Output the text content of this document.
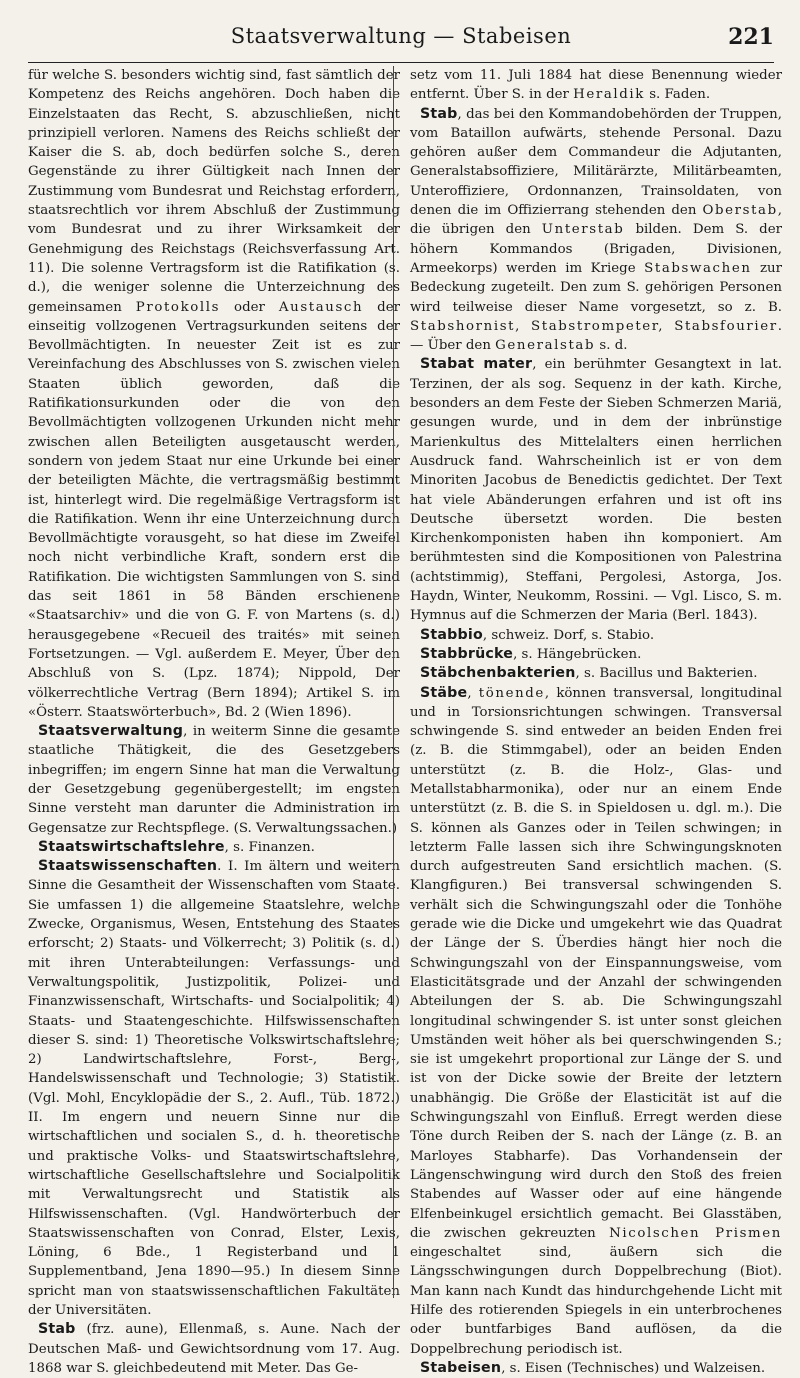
Staatsverwaltung — Stabeisen	221

für welche S. besonders wichtig sind, fast sämtlich der Kompetenz des Reichs angehören. Doch haben die Einzelstaaten das Recht, S. abzuschließen, nicht prinzipiell verloren. Namens des Reichs schließt der Kaiser die S. ab, doch bedürfen solche S., deren Gegenstände zu ihrer Gültigkeit nach Innen der Zustimmung vom Bundesrat und Reichstag erfordern, staatsrechtlich vor ihrem Abschluß der Zustimmung vom Bundesrat und zu ihrer Wirksamkeit der Genehmigung des Reichstags (Reichsverfassung Art. 11). Die solenne Vertragsform ist die Ratifikation (s. d.), die weniger solenne die Unterzeichnung des gemeinsamen Protokolls oder Austausch der einseitig vollzogenen Vertragsurkunden seitens der Bevollmächtigten. In neuester Zeit ist es zur Vereinfachung des Abschlusses von S. zwischen vielen Staaten üblich geworden, daß die Ratifikationsurkunden oder die von den Bevollmächtigten vollzogenen Urkunden nicht mehr zwischen allen Beteiligten ausgetauscht werden, sondern von jedem Staat nur eine Urkunde bei einer der beteiligten Mächte, die vertragsmäßig bestimmt ist, hinterlegt wird. Die regelmäßige Vertragsform ist die Ratifikation. Wenn ihr eine Unterzeichnung durch Bevollmächtigte vorausgeht, so hat diese im Zweifel noch nicht verbindliche Kraft, sondern erst die Ratifikation. Die wichtigsten Sammlungen von S. sind das seit 1861 in 58 Bänden erschienene «Staatsarchiv» und die von G. F. von Martens (s. d.) herausgegebene «Recueil des traités» mit seinen Fortsetzungen. — Vgl. außerdem E. Meyer, Über den Abschluß von S. (Lpz. 1874); Nippold, Der völkerrechtliche Vertrag (Bern 1894); Artikel S. im «Österr. Staatswörterbuch», Bd. 2 (Wien 1896).

Staatsverwaltung, in weiterm Sinne die gesamte staatliche Thätigkeit, die des Gesetzgebers inbegriffen; im engern Sinne hat man die Verwaltung der Gesetzgebung gegenübergestellt; im engsten Sinne versteht man darunter die Administration im Gegensatze zur Rechtspflege. (S. Verwaltungssachen.)

Staatswirtschaftslehre, s. Finanzen.

Staatswissenschaften. I. Im ältern und weitern Sinne die Gesamtheit der Wissenschaften vom Staate. Sie umfassen 1) die allgemeine Staatslehre, welche Zwecke, Organismus, Wesen, Entstehung des Staates erforscht; 2) Staats- und Völkerrecht; 3) Politik (s. d.) mit ihren Unterabteilungen: Verfassungs- und Verwaltungspolitik, Justizpolitik, Polizei- und Finanzwissenschaft, Wirtschafts- und Socialpolitik; 4) Staats- und Staatengeschichte. Hilfswissenschaften dieser S. sind: 1) Theoretische Volkswirtschaftslehre; 2) Landwirtschaftslehre, Forst-, Berg-, Handelswissenschaft und Technologie; 3) Statistik. (Vgl. Mohl, Encyklopädie der S., 2. Aufl., Tüb. 1872.) II. Im engern und neuern Sinne nur die wirtschaftlichen und socialen S., d. h. theoretische und praktische Volks- und Staatswirtschaftslehre, wirtschaftliche Gesellschaftslehre und Socialpolitik mit Verwaltungsrecht und Statistik als Hilfswissenschaften. (Vgl. Handwörterbuch der Staatswissenschaften von Conrad, Elster, Lexis, Löning, 6 Bde., 1 Registerband und 1 Supplementband, Jena 1890—95.) In diesem Sinne spricht man von staatswissenschaftlichen Fakultäten der Universitäten.

Stab (frz. aune), Ellenmaß, s. Aune. Nach der Deutschen Maß- und Gewichtsordnung vom 17. Aug. 1868 war S. gleichbedeutend mit Meter. Das Ge-

setz vom 11. Juli 1884 hat diese Benennung wieder entfernt. Über S. in der Heraldik s. Faden.

Stab, das bei den Kommandobehörden der Truppen, vom Bataillon aufwärts, stehende Personal. Dazu gehören außer dem Commandeur die Adjutanten, Generalstabsoffiziere, Militärärzte, Militärbeamten, Unteroffiziere, Ordonnanzen, Trainsoldaten, von denen die im Offizierrang stehenden den Oberstab, die übrigen den Unterstab bilden. Dem S. der höhern Kommandos (Brigaden, Divisionen, Armeekorps) werden im Kriege Stabswachen zur Bedeckung zugeteilt. Den zum S. gehörigen Personen wird teilweise dieser Name vorgesetzt, so z. B. Stabshornist, Stabstrompeter, Stabsfourier. — Über den Generalstab s. d.

Stabat mater, ein berühmter Gesangtext in lat. Terzinen, der als sog. Sequenz in der kath. Kirche, besonders an dem Feste der Sieben Schmerzen Mariä, gesungen wurde, und in dem der inbrünstige Marienkultus des Mittelalters einen herrlichen Ausdruck fand. Wahrscheinlich ist er von dem Minoriten Jacobus de Benedictis gedichtet. Der Text hat viele Abänderungen erfahren und ist oft ins Deutsche übersetzt worden. Die besten Kirchenkomponisten haben ihn komponiert. Am berühmtesten sind die Kompositionen von Palestrina (achtstimmig), Steffani, Pergolesi, Astorga, Jos. Haydn, Winter, Neukomm, Rossini. — Vgl. Lisco, S. m. Hymnus auf die Schmerzen der Maria (Berl. 1843).

Stabbio, schweiz. Dorf, s. Stabio.

Stabbrücke, s. Hängebrücken.

Stäbchenbakterien, s. Bacillus und Bakterien.

Stäbe, tönende, können transversal, longitudinal und in Torsionsrichtungen schwingen. Transversal schwingende S. sind entweder an beiden Enden frei (z. B. die Stimmgabel), oder an beiden Enden unterstützt (z. B. die Holz-, Glas- und Metallstabharmonika), oder nur an einem Ende unterstützt (z. B. die S. in Spieldosen u. dgl. m.). Die S. können als Ganzes oder in Teilen schwingen; in letzterm Falle lassen sich ihre Schwingungsknoten durch aufgestreuten Sand ersichtlich machen. (S. Klangfiguren.) Bei transversal schwingenden S. verhält sich die Schwingungszahl oder die Tonhöhe gerade wie die Dicke und umgekehrt wie das Quadrat der Länge der S. Überdies hängt hier noch die Schwingungszahl von der Einspannungsweise, vom Elasticitätsgrade und der Anzahl der schwingenden Abteilungen der S. ab. Die Schwingungszahl longitudinal schwingender S. ist unter sonst gleichen Umständen weit höher als bei querschwingenden S.; sie ist umgekehrt proportional zur Länge der S. und ist von der Dicke sowie der Breite der letztern unabhängig. Die Größe der Elasticität ist auf die Schwingungszahl von Einfluß. Erregt werden diese Töne durch Reiben der S. nach der Länge (z. B. an Marloyes Stabharfe). Das Vorhandensein der Längenschwingung wird durch den Stoß des freien Stabendes auf Wasser oder auf eine hängende Elfenbeinkugel ersichtlich gemacht. Bei Glasstäben, die zwischen gekreuzten Nicolschen Prismen eingeschaltet sind, äußern sich die Längsschwingungen durch Doppelbrechung (Biot). Man kann nach Kundt das hindurchgehende Licht mit Hilfe des rotierenden Spiegels in ein unterbrochenes oder buntfarbiges Band auflösen, da die Doppelbrechung periodisch ist.

Stabeisen, s. Eisen (Technisches) und Walzeisen.
